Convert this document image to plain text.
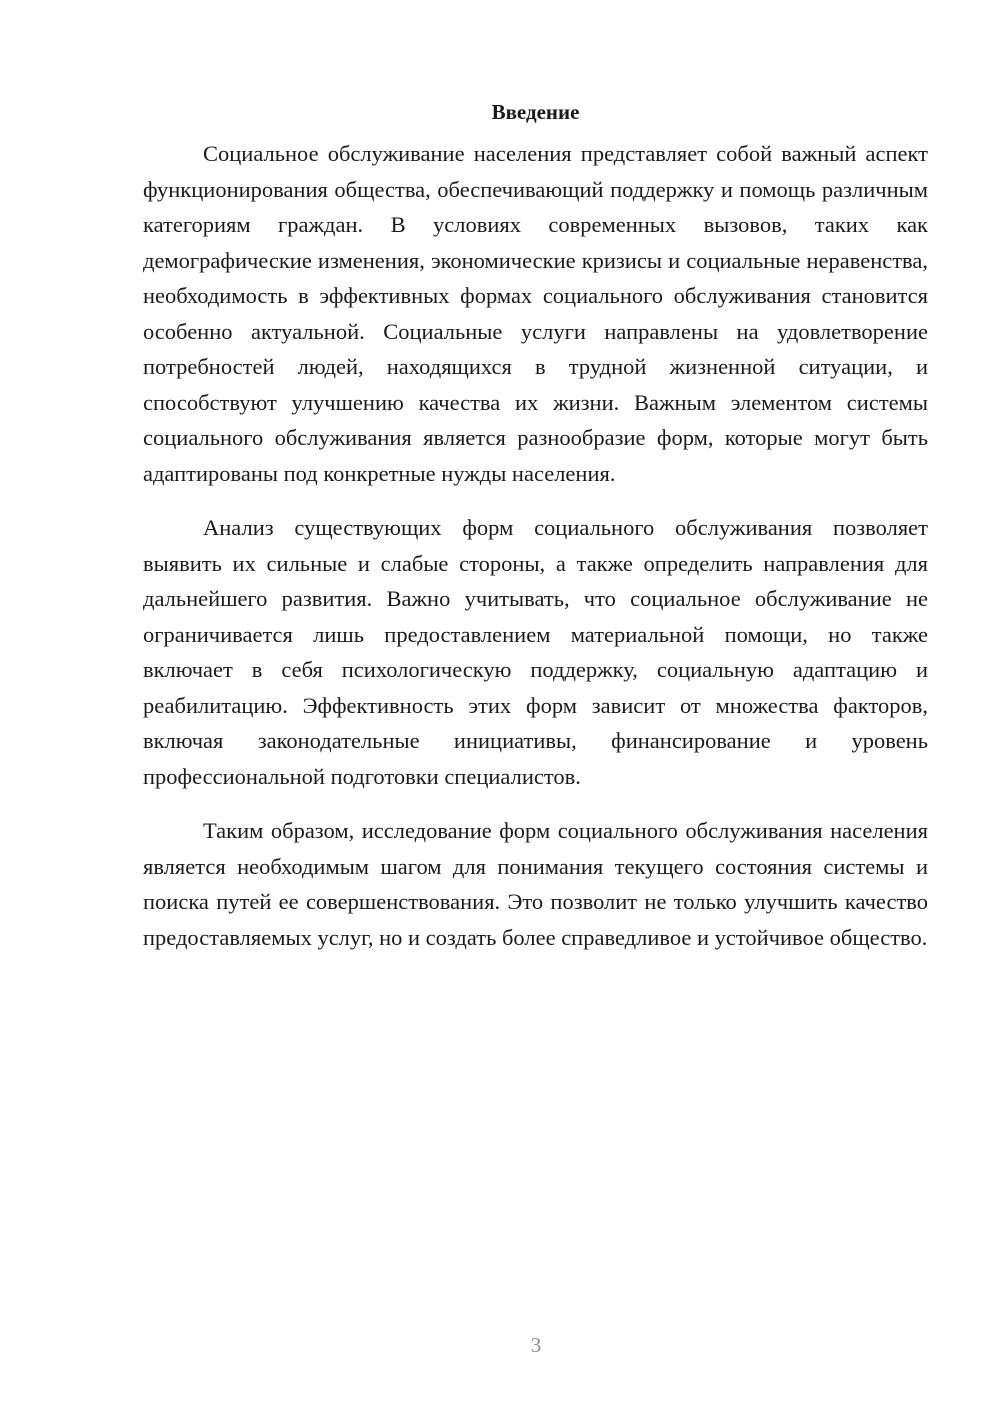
Введение

Социальное обслуживание населения представляет собой важный аспект функционирования общества, обеспечивающий поддержку и помощь различным категориям граждан. В условиях современных вызовов, таких как демографические изменения, экономические кризисы и социальные неравенства, необходимость в эффективных формах социального обслуживания становится особенно актуальной. Социальные услуги направлены на удовлетворение потребностей людей, находящихся в трудной жизненной ситуации, и способствуют улучшению качества их жизни. Важным элементом системы социального обслуживания является разнообразие форм, которые могут быть адаптированы под конкретные нужды населения.

Анализ существующих форм социального обслуживания позволяет выявить их сильные и слабые стороны, а также определить направления для дальнейшего развития. Важно учитывать, что социальное обслуживание не ограничивается лишь предоставлением материальной помощи, но также включает в себя психологическую поддержку, социальную адаптацию и реабилитацию. Эффективность этих форм зависит от множества факторов, включая законодательные инициативы, финансирование и уровень профессиональной подготовки специалистов.

Таким образом, исследование форм социального обслуживания населения является необходимым шагом для понимания текущего состояния системы и поиска путей ее совершенствования. Это позволит не только улучшить качество предоставляемых услуг, но и создать более справедливое и устойчивое общество.

3
